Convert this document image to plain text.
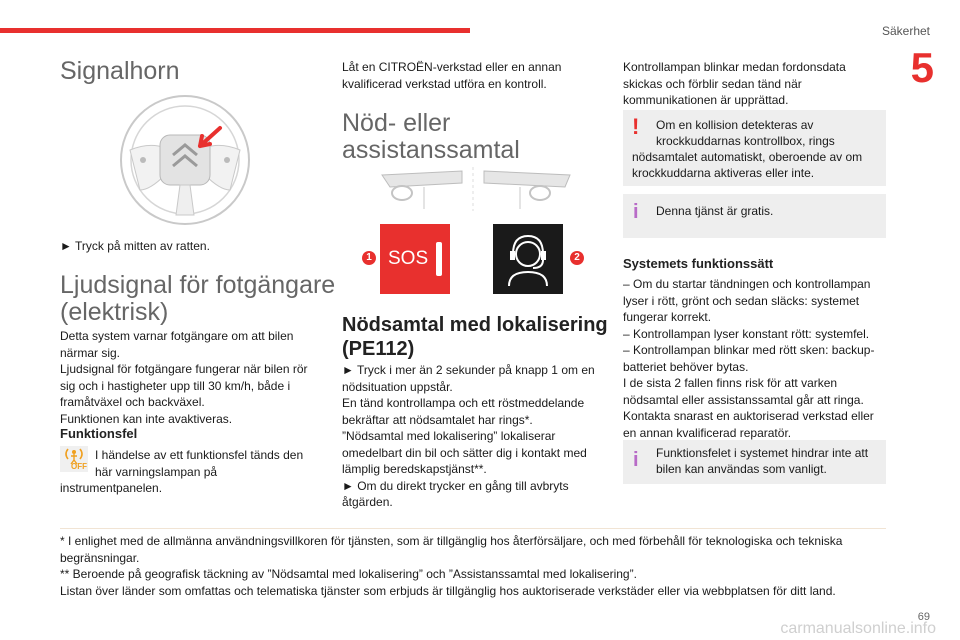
Säkerhet
5
Signalhorn
► Tryck på mitten av ratten.
Ljudsignal för fotgängare
(elektrisk)
Detta system varnar fotgängare om att bilen
närmar sig.
Ljudsignal för fotgängare fungerar när bilen rör
sig och i hastigheter upp till 30 km/h, både i
framåtväxel och backväxel.
Funktionen kan inte avaktiveras.
Funktionsfel
OFF
I händelse av ett funktionsfel tänds den
här varningslampan på
instrumentpanelen.
Låt en CITROËN-verkstad eller en annan
kvalificerad verkstad utföra en kontroll.
Nöd- eller
assistanssamtal
1 SOS	2
Nödsamtal med lokalisering
(PE112)
► Tryck i mer än 2 sekunder på knapp 1 om en
nödsituation uppstår.
En tänd kontrollampa och ett röstmeddelande
bekräftar att nödsamtalet har rings*.
”Nödsamtal med lokalisering” lokaliserar
omedelbart din bil och sätter dig i kontakt med
lämplig beredskapstjänst**.
► Om du direkt trycker en gång till avbryts
åtgärden.
Kontrollampan blinkar medan fordonsdata
skickas och förblir sedan tänd när
kommunikationen är upprättad.
! Om en kollision detekteras av
krockkuddarnas kontrollbox, rings
nödsamtalet automatiskt, oberoende av om
krockkuddarna aktiveras eller inte.
i Denna tjänst är gratis.
Systemets funktionssätt
– Om du startar tändningen och kontrollampan
lyser i rött, grönt och sedan släcks: systemet
fungerar korrekt.
– Kontrollampan lyser konstant rött: systemfel.
– Kontrollampan blinkar med rött sken: backup-
batteriet behöver bytas.
I de sista 2 fallen finns risk för att varken
nödsamtal eller assistanssamtal går att ringa.
Kontakta snarast en auktoriserad verkstad eller
en annan kvalificerad reparatör.
i Funktionsfelet i systemet hindrar inte att
bilen kan användas som vanligt.
* I enlighet med de allmänna användningsvillkoren för tjänsten, som är tillgänglig hos återförsäljare, och med förbehåll för teknologiska och tekniska
begränsningar.
** Beroende på geografisk täckning av ”Nödsamtal med lokalisering” och ”Assistanssamtal med lokalisering”.
Listan över länder som omfattas och telematiska tjänster som erbjuds är tillgänglig hos auktoriserade verkstäder eller via webbplatsen för ditt land.
69
carmanualsonline.info
